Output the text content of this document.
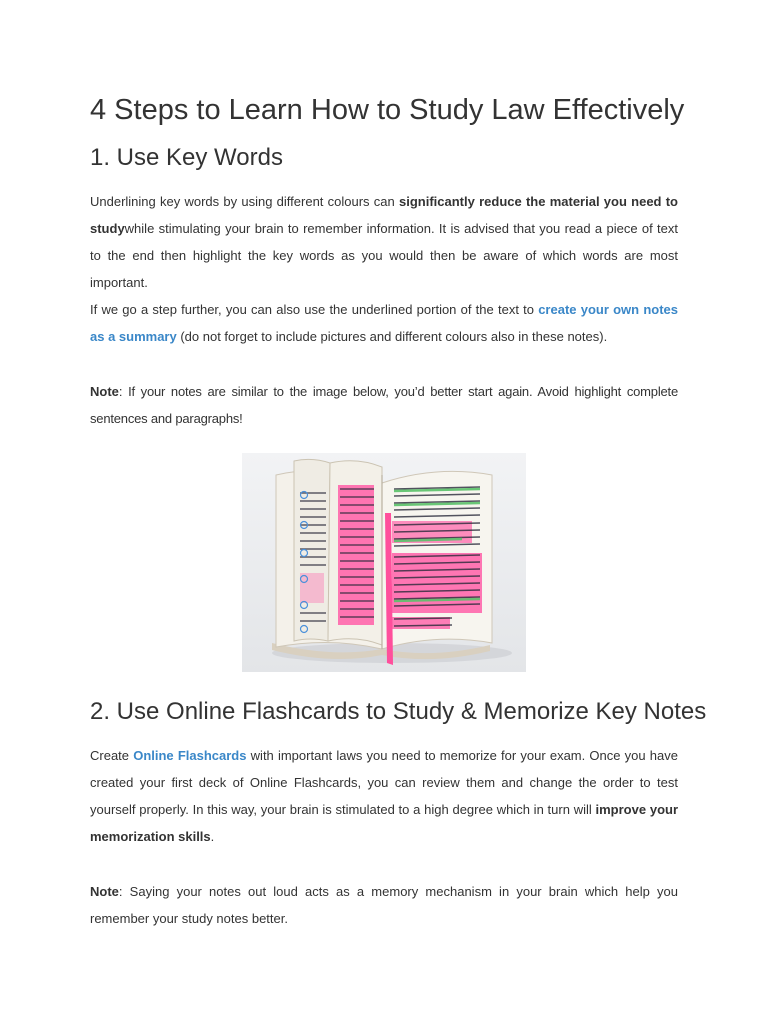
4 Steps to Learn How to Study Law Effectively
1. Use Key Words

Underlining key words by using different colours can significantly reduce the material you need to studywhile stimulating your brain to remember information. It is advised that you read a piece of text to the end then highlight the key words as you would then be aware of which words are most important.

If we go a step further, you can also use the underlined portion of the text to create your own notes as a summary (do not forget to include pictures and different colours also in these notes).

Note: If your notes are similar to the image below, you’d better start again. Avoid highlight complete sentences and paragraphs!

2. Use Online Flashcards to Study & Memorize Key Notes

Create Online Flashcards with important laws you need to memorize for your exam. Once you have created your first deck of Online Flashcards, you can review them and change the order to test yourself properly. In this way, your brain is stimulated to a high degree which in turn will improve your memorization skills.

Note: Saying your notes out loud acts as a memory mechanism in your brain which help you remember your study notes better.
